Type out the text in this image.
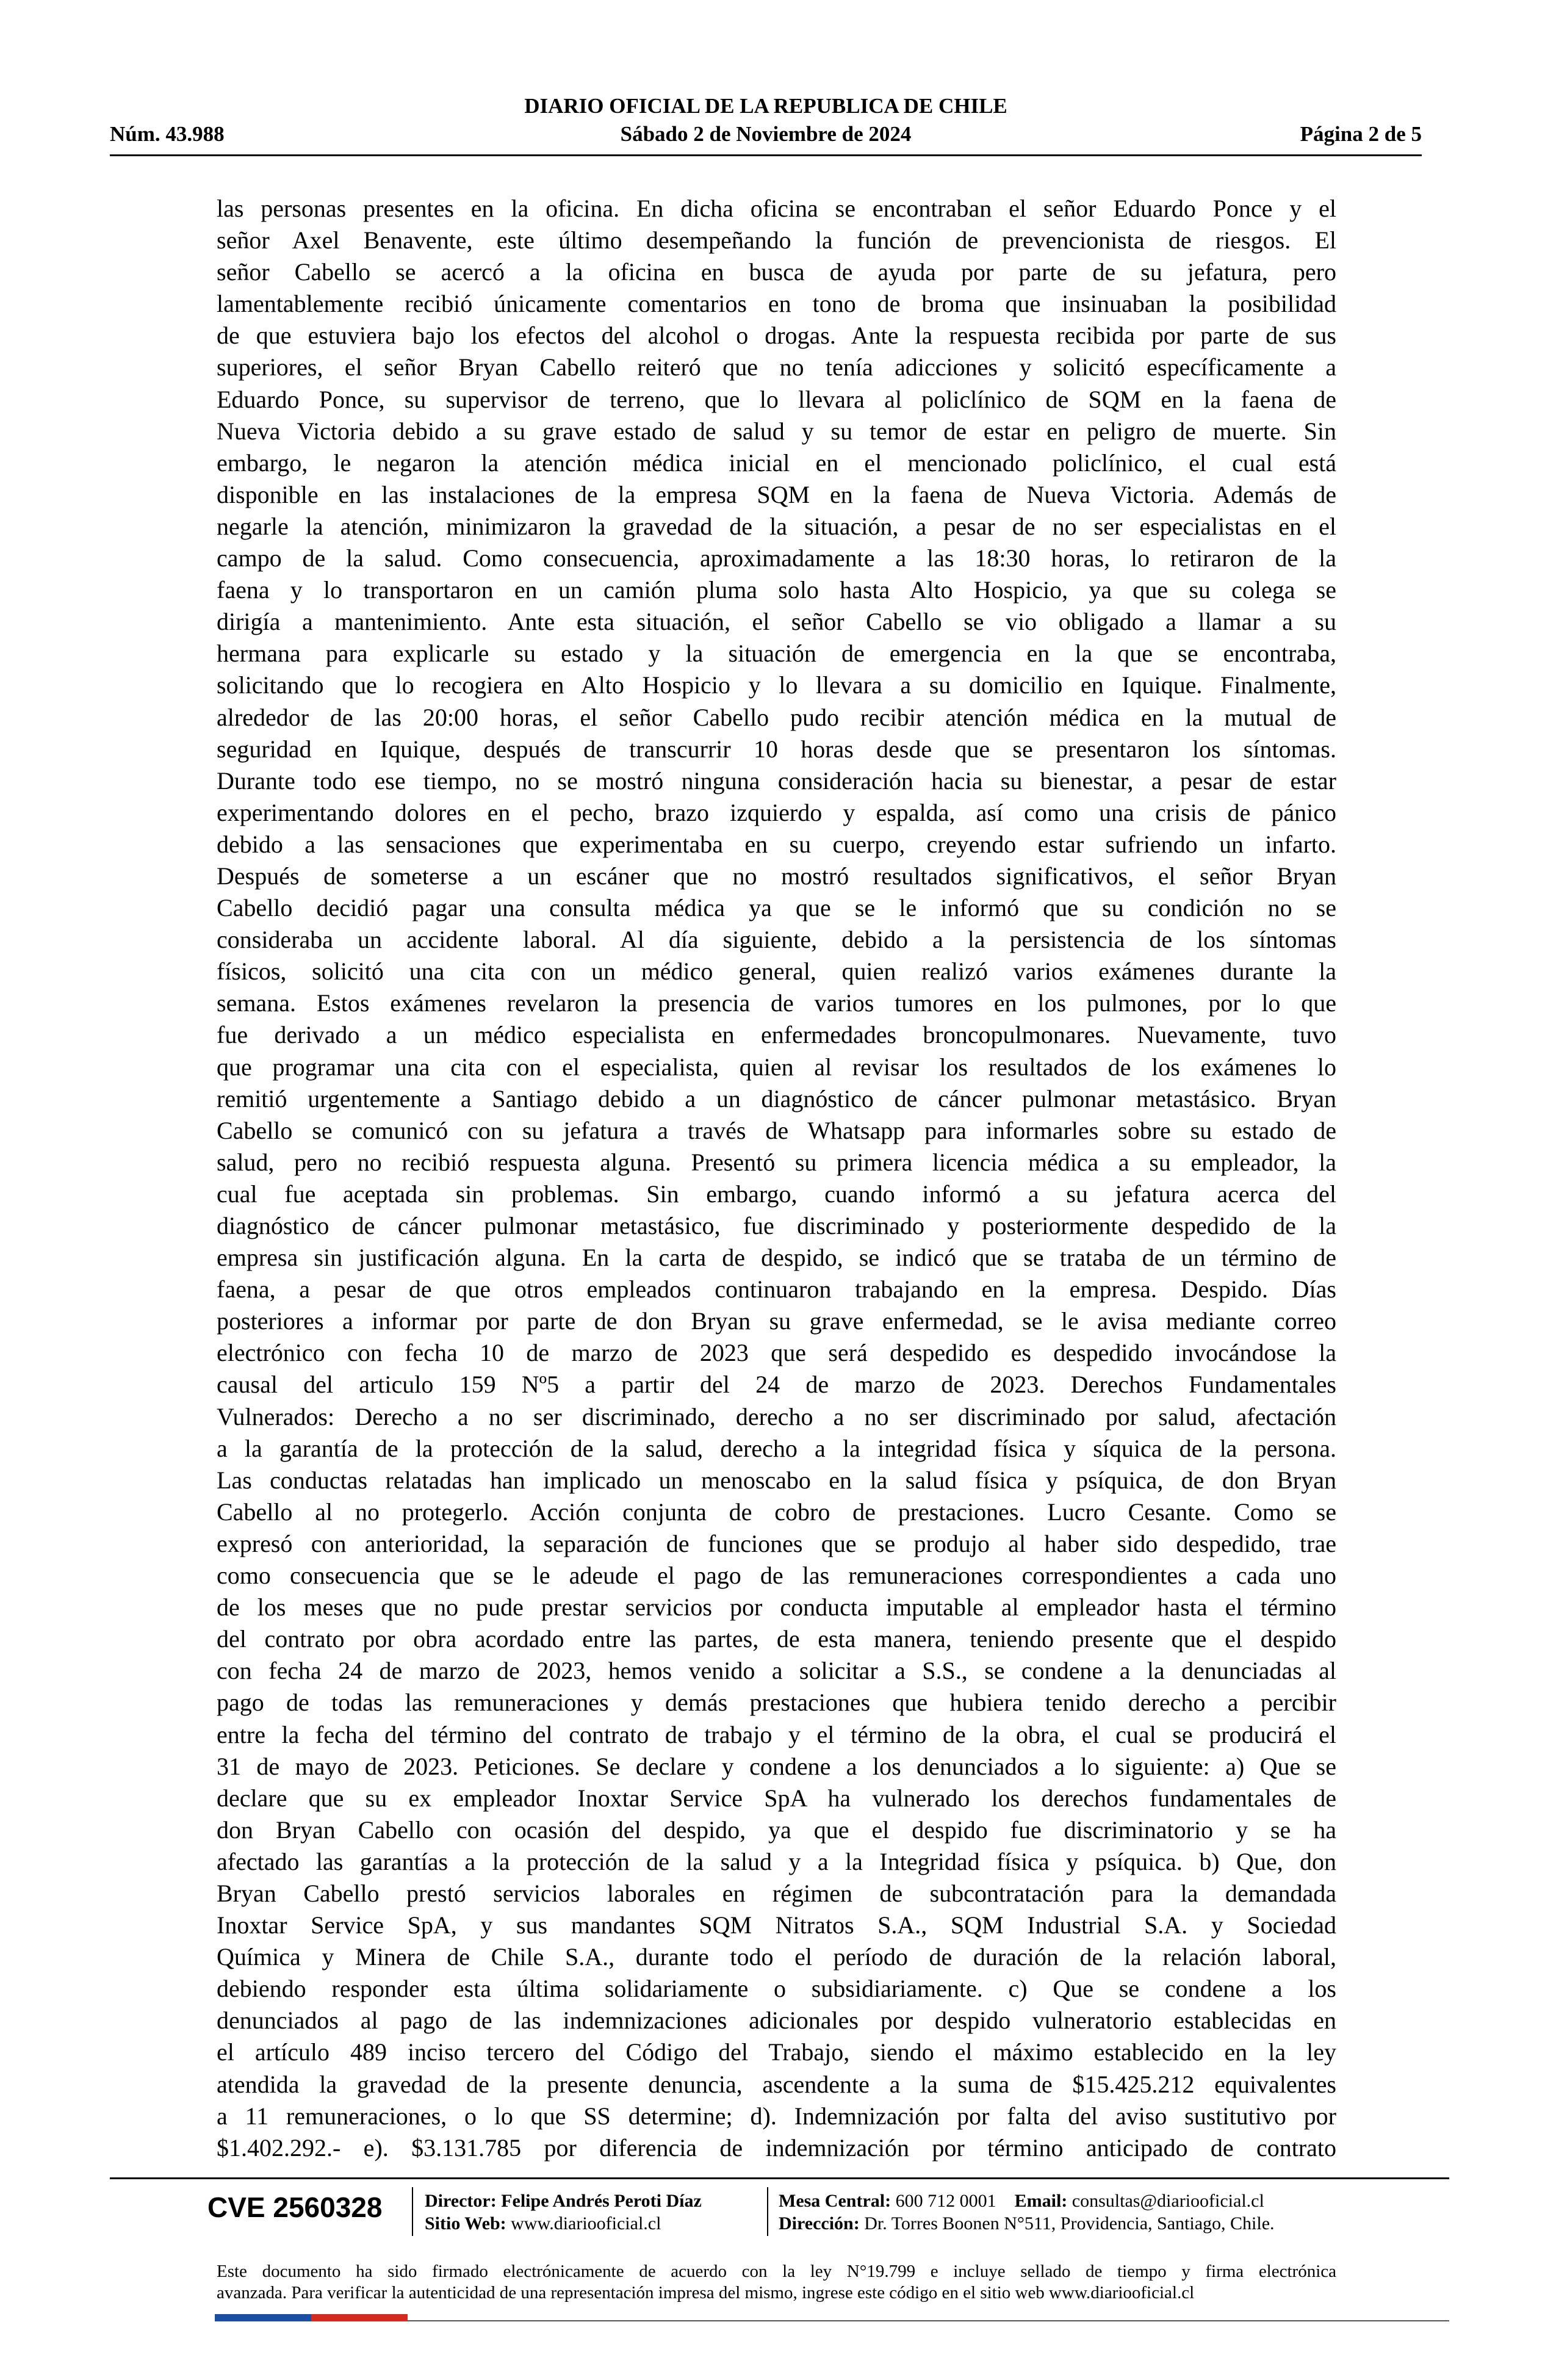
DIARIO OFICIAL DE LA REPUBLICA DE CHILE
Núm. 43.988	Sábado 2 de Noviembre de 2024	Página 2 de 5
las personas presentes en la oficina. En dicha oficina se encontraban el señor Eduardo Ponce y el
señor Axel Benavente, este último desempeñando la función de prevencionista de riesgos. El
señor Cabello se acercó a la oficina en busca de ayuda por parte de su jefatura, pero
lamentablemente recibió únicamente comentarios en tono de broma que insinuaban la posibilidad
de que estuviera bajo los efectos del alcohol o drogas. Ante la respuesta recibida por parte de sus
superiores, el señor Bryan Cabello reiteró que no tenía adicciones y solicitó específicamente a
Eduardo Ponce, su supervisor de terreno, que lo llevara al policlínico de SQM en la faena de
Nueva Victoria debido a su grave estado de salud y su temor de estar en peligro de muerte. Sin
embargo, le negaron la atención médica inicial en el mencionado policlínico, el cual está
disponible en las instalaciones de la empresa SQM en la faena de Nueva Victoria. Además de
negarle la atención, minimizaron la gravedad de la situación, a pesar de no ser especialistas en el
campo de la salud. Como consecuencia, aproximadamente a las 18:30 horas, lo retiraron de la
faena y lo transportaron en un camión pluma solo hasta Alto Hospicio, ya que su colega se
dirigía a mantenimiento. Ante esta situación, el señor Cabello se vio obligado a llamar a su
hermana para explicarle su estado y la situación de emergencia en la que se encontraba,
solicitando que lo recogiera en Alto Hospicio y lo llevara a su domicilio en Iquique. Finalmente,
alrededor de las 20:00 horas, el señor Cabello pudo recibir atención médica en la mutual de
seguridad en Iquique, después de transcurrir 10 horas desde que se presentaron los síntomas.
Durante todo ese tiempo, no se mostró ninguna consideración hacia su bienestar, a pesar de estar
experimentando dolores en el pecho, brazo izquierdo y espalda, así como una crisis de pánico
debido a las sensaciones que experimentaba en su cuerpo, creyendo estar sufriendo un infarto.
Después de someterse a un escáner que no mostró resultados significativos, el señor Bryan
Cabello decidió pagar una consulta médica ya que se le informó que su condición no se
consideraba un accidente laboral. Al día siguiente, debido a la persistencia de los síntomas
físicos, solicitó una cita con un médico general, quien realizó varios exámenes durante la
semana. Estos exámenes revelaron la presencia de varios tumores en los pulmones, por lo que
fue derivado a un médico especialista en enfermedades broncopulmonares. Nuevamente, tuvo
que programar una cita con el especialista, quien al revisar los resultados de los exámenes lo
remitió urgentemente a Santiago debido a un diagnóstico de cáncer pulmonar metastásico. Bryan
Cabello se comunicó con su jefatura a través de Whatsapp para informarles sobre su estado de
salud, pero no recibió respuesta alguna. Presentó su primera licencia médica a su empleador, la
cual fue aceptada sin problemas. Sin embargo, cuando informó a su jefatura acerca del
diagnóstico de cáncer pulmonar metastásico, fue discriminado y posteriormente despedido de la
empresa sin justificación alguna. En la carta de despido, se indicó que se trataba de un término de
faena, a pesar de que otros empleados continuaron trabajando en la empresa. Despido. Días
posteriores a informar por parte de don Bryan su grave enfermedad, se le avisa mediante correo
electrónico con fecha 10 de marzo de 2023 que será despedido es despedido invocándose la
causal del articulo 159 Nº5 a partir del 24 de marzo de 2023. Derechos Fundamentales
Vulnerados: Derecho a no ser discriminado, derecho a no ser discriminado por salud, afectación
a la garantía de la protección de la salud, derecho a la integridad física y síquica de la persona.
Las conductas relatadas han implicado un menoscabo en la salud física y psíquica, de don Bryan
Cabello al no protegerlo. Acción conjunta de cobro de prestaciones. Lucro Cesante. Como se
expresó con anterioridad, la separación de funciones que se produjo al haber sido despedido, trae
como consecuencia que se le adeude el pago de las remuneraciones correspondientes a cada uno
de los meses que no pude prestar servicios por conducta imputable al empleador hasta el término
del contrato por obra acordado entre las partes, de esta manera, teniendo presente que el despido
con fecha 24 de marzo de 2023, hemos venido a solicitar a S.S., se condene a la denunciadas al
pago de todas las remuneraciones y demás prestaciones que hubiera tenido derecho a percibir
entre la fecha del término del contrato de trabajo y el término de la obra, el cual se producirá el
31 de mayo de 2023. Peticiones. Se declare y condene a los denunciados a lo siguiente: a) Que se
declare que su ex empleador Inoxtar Service SpA ha vulnerado los derechos fundamentales de
don Bryan Cabello con ocasión del despido, ya que el despido fue discriminatorio y se ha
afectado las garantías a la protección de la salud y a la Integridad física y psíquica. b) Que, don
Bryan Cabello prestó servicios laborales en régimen de subcontratación para la demandada
Inoxtar Service SpA, y sus mandantes SQM Nitratos S.A., SQM Industrial S.A. y Sociedad
Química y Minera de Chile S.A., durante todo el período de duración de la relación laboral,
debiendo responder esta última solidariamente o subsidiariamente. c) Que se condene a los
denunciados al pago de las indemnizaciones adicionales por despido vulneratorio establecidas en
el artículo 489 inciso tercero del Código del Trabajo, siendo el máximo establecido en la ley
atendida la gravedad de la presente denuncia, ascendente a la suma de $15.425.212 equivalentes
a 11 remuneraciones, o lo que SS determine; d). Indemnización por falta del aviso sustitutivo por
$1.402.292.- e). $3.131.785 por diferencia de indemnización por término anticipado de contrato
CVE 2560328 Director: Felipe Andrés Peroti Díaz
Sitio Web: www.diariooficial.cl
Mesa Central: 600 712 0001 Email: consultas@diariooficial.cl
Dirección: Dr. Torres Boonen N°511, Providencia, Santiago, Chile.
Este documento ha sido firmado electrónicamente de acuerdo con la ley N°19.799 e incluye sellado de tiempo y firma electrónica
avanzada. Para verificar la autenticidad de una representación impresa del mismo, ingrese este código en el sitio web www.diariooficial.cl
